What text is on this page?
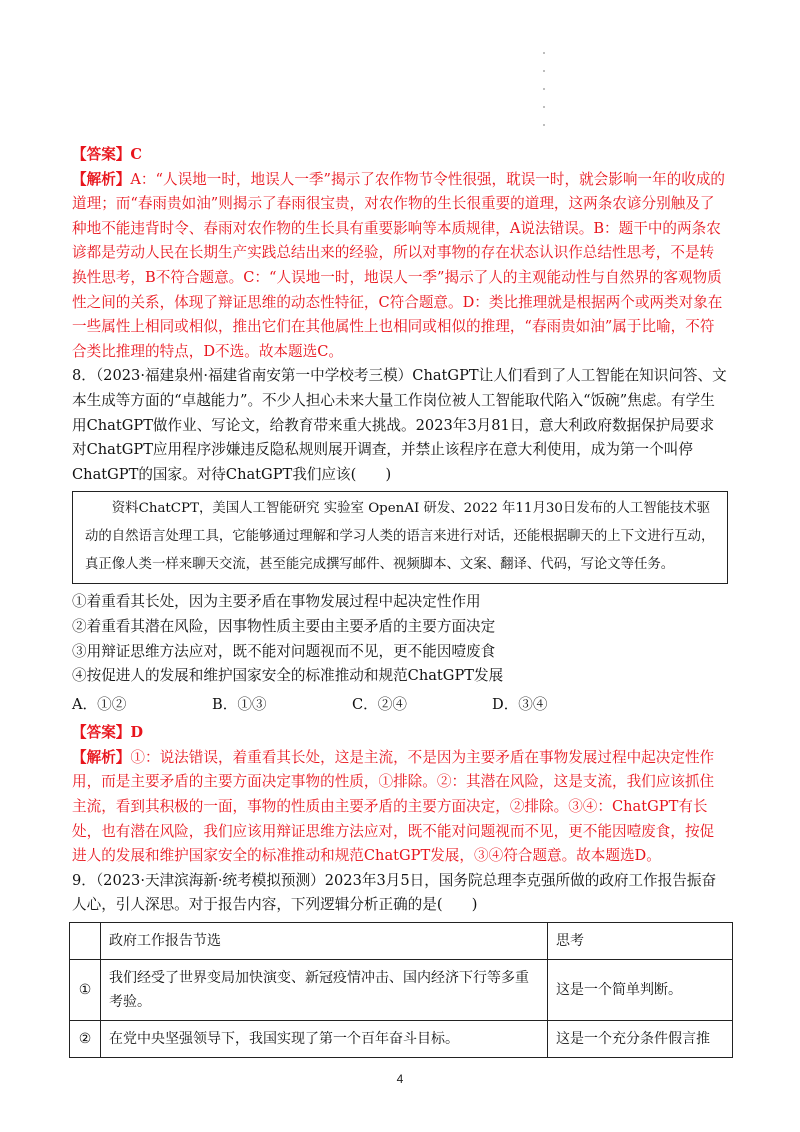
【答案】C

【解析】A：“人误地一时，地误人一季”揭示了农作物节令性很强，耽误一时，就会影响一年的收成的道理；而“春雨贵如油”则揭示了春雨很宝贵，对农作物的生长很重要的道理，这两条农谚分别触及了种地不能违背时令、春雨对农作物的生长具有重要影响等本质规律，A说法错误。B：题干中的两条农谚都是劳动人民在长期生产实践总结出来的经验，所以对事物的存在状态认识作总结性思考，不是转换性思考，B不符合题意。C：“人误地一时，地误人一季”揭示了人的主观能动性与自然界的客观物质性之间的关系，体现了辩证思维的动态性特征，C符合题意。D：类比推理就是根据两个或两类对象在一些属性上相同或相似，推出它们在其他属性上也相同或相似的推理，“春雨贵如油”属于比喻，不符合类比推理的特点，D不选。故本题选C。

8．（2023·福建泉州·福建省南安第一中学校考三模）ChatGPT让人们看到了人工智能在知识问答、文本生成等方面的“卓越能力”。不少人担心未来大量工作岗位被人工智能取代陷入“饭碗”焦虑。有学生用ChatGPT做作业、写论文，给教育带来重大挑战。2023年3月81日，意大利政府数据保护局要求对ChatGPT应用程序涉嫌违反隐私规则展开调查，并禁止该程序在意大利使用，成为第一个叫停ChatGPT的国家。对待ChatGPT我们应该(　　)

资料ChatCPT，美国人工智能研究 实验室 OpenAI 研发、2022 年11月30日发布的人工智能技术驱动的自然语言处理工具，它能够通过理解和学习人类的语言来进行对话，还能根据聊天的上下文进行互动，真正像人类一样来聊天交流，甚至能完成撰写邮件、视频脚本、文案、翻译、代码，写论文等任务。

①着重看其长处，因为主要矛盾在事物发展过程中起决定性作用

②着重看其潜在风险，因事物性质主要由主要矛盾的主要方面决定

③用辩证思维方法应对，既不能对问题视而不见，更不能因噎废食

④按促进人的发展和维护国家安全的标准推动和规范ChatGPT发展

A．①②	B．①③	C．②④	D．③④

【答案】D

【解析】①：说法错误，着重看其长处，这是主流，不是因为主要矛盾在事物发展过程中起决定性作用，而是主要矛盾的主要方面决定事物的性质，①排除。②：其潜在风险，这是支流，我们应该抓住主流，看到其积极的一面，事物的性质由主要矛盾的主要方面决定，②排除。③④：ChatGPT有长处，也有潜在风险，我们应该用辩证思维方法应对，既不能对问题视而不见，更不能因噎废食，按促进人的发展和维护国家安全的标准推动和规范ChatGPT发展，③④符合题意。故本题选D。

9．（2023·天津滨海新·统考模拟预测）2023年3月5日，国务院总理李克强所做的政府工作报告振奋人心，引人深思。对于报告内容，下列逻辑分析正确的是(　　)

	政府工作报告节选	思考
①	我们经受了世界变局加快演变、新冠疫情冲击、国内经济下行等多重考验。	这是一个简单判断。
②	在党中央坚强领导下，我国实现了第一个百年奋斗目标。	这是一个充分条件假言推
4
